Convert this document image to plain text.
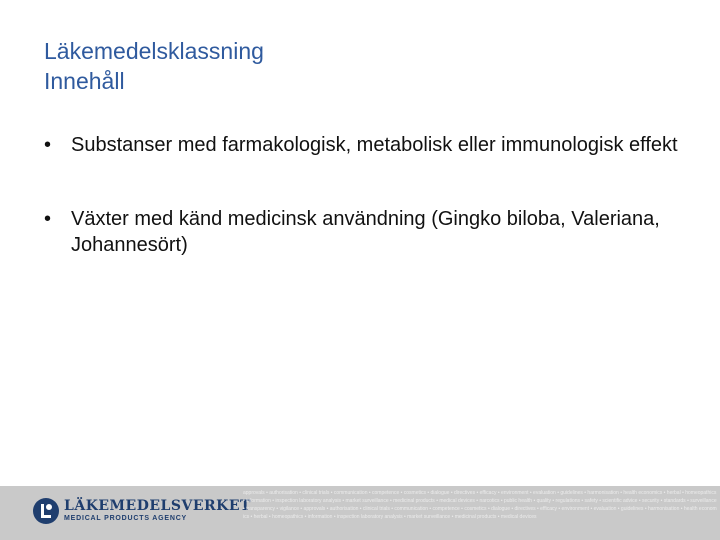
Läkemedelsklassning
Innehåll
• Substanser med farmakologisk, metabolisk eller immunologisk effekt
• Växter med känd medicinsk användning (Gingko biloba, Valeriana, Johannesört)
LÄKEMEDELSVERKET
MEDICAL PRODUCTS AGENCY
approvals • authorisation • clinical trials • communication • competence • cosmetics • dialogue • directives • efficacy • environment • evaluation • guidelines • harmonisation • health economics • herbal • homeopathics • information • inspection laboratory analysis • market surveillance • medicinal products • medical devices • narcotics • public health • quality • regulations • safety • scientific advice • security • standards • surveillance • transparency • vigilance • approvals • authorisation • clinical trials • communication • competence • cosmetics • dialogue • directives • efficacy • environment • evaluation • guidelines • harmonisation • health economics • herbal • homeopathics • information • inspection laboratory analysis • market surveillance • medicinal products • medical devices
